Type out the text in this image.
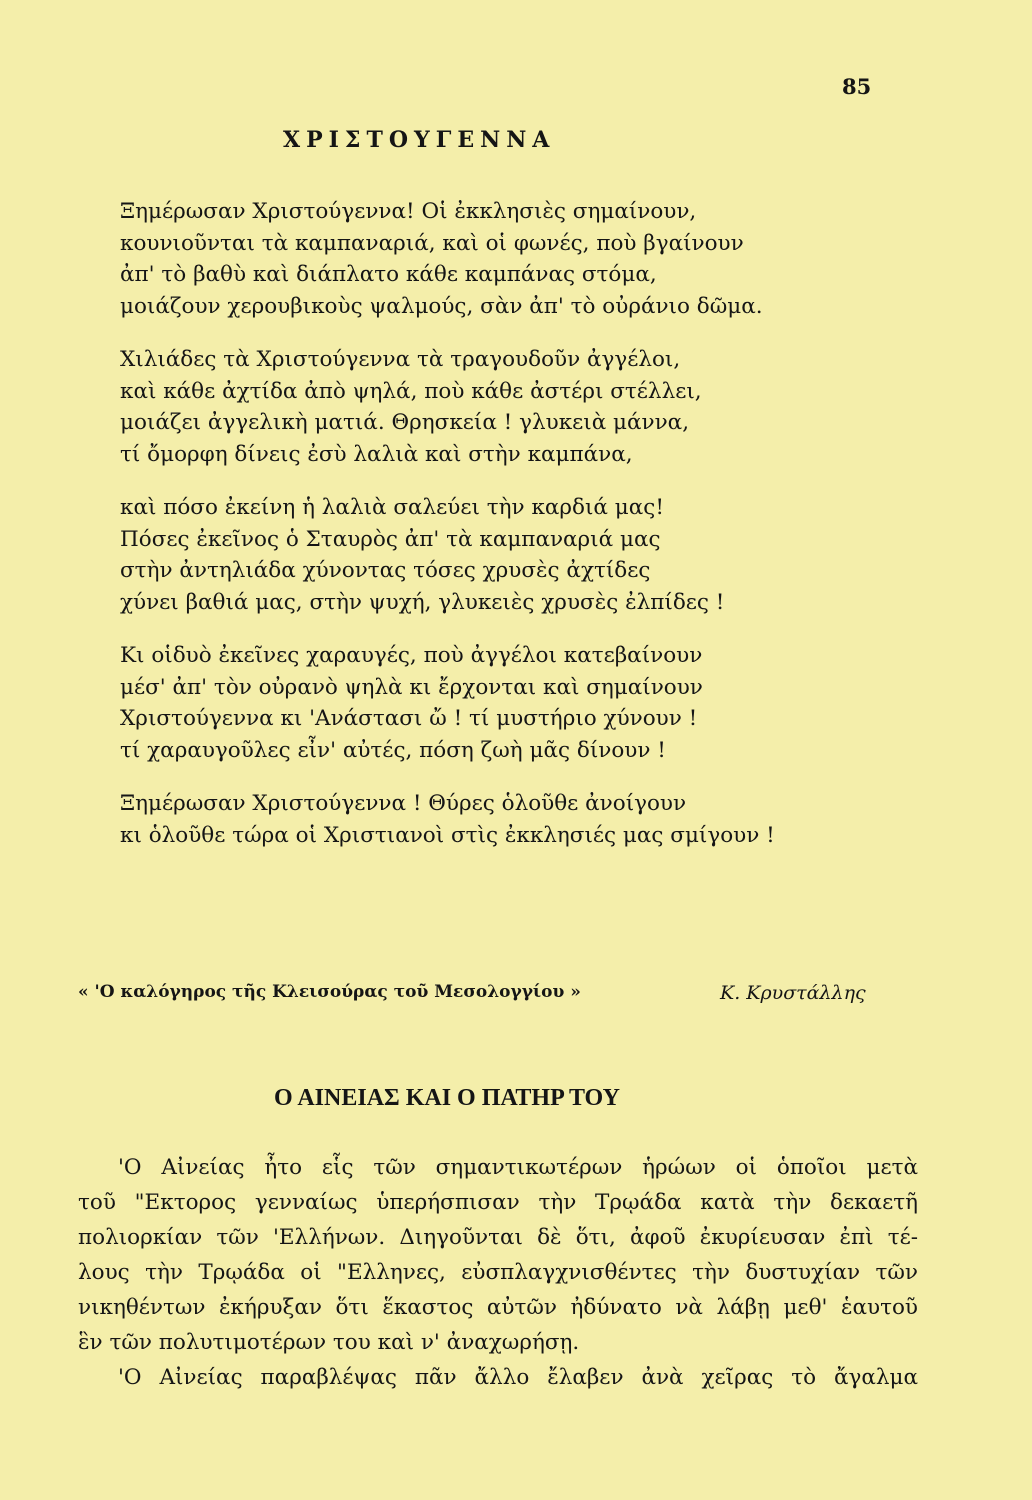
85
ΧΡΙΣΤΟΥΓΕΝΝΑ
Ξημέρωσαν Χριστούγεννα! Οἱ ἐκκλησιὲς σημαίνουν,
κουνιοῦνται τὰ καμπαναριά, καὶ οἱ φωνές, ποὺ βγαίνουν
ἀπ' τὸ βαθὺ καὶ διάπλατο κάθε καμπάνας στόμα,
μοιάζουν χερουβικοὺς ψαλμούς, σὰν ἀπ' τὸ οὐράνιο δῶμα.
Χιλιάδες τὰ Χριστούγεννα τὰ τραγουδοῦν ἀγγέλοι,
καὶ κάθε ἀχτίδα ἀπὸ ψηλά, ποὺ κάθε ἀστέρι στέλλει,
μοιάζει ἀγγελικὴ ματιά. Θρησκεία ! γλυκειὰ μάννα,
τί ὄμορφη δίνεις ἐσὺ λαλιὰ καὶ στὴν καμπάνα,
καὶ πόσο ἐκείνη ἡ λαλιὰ σαλεύει τὴν καρδιά μας!
Πόσες ἐκεῖνος ὁ Σταυρὸς ἀπ' τὰ καμπαναριά μας
στὴν ἀντηλιάδα χύνοντας τόσες χρυσὲς ἀχτίδες
χύνει βαθιά μας, στὴν ψυχή, γλυκειὲς χρυσὲς ἐλπίδες !
Κι οἱδυὸ ἐκεῖνες χαραυγές, ποὺ ἀγγέλοι κατεβαίνουν
μέσ' ἀπ' τὸν οὐρανὸ ψηλὰ κι ἔρχονται καὶ σημαίνουν
Χριστούγεννα κι 'Ανάστασι ὤ ! τί μυστήριο χύνουν !
τί χαραυγοῦλες εἶν' αὐτές, πόση ζωὴ μᾶς δίνουν !
Ξημέρωσαν Χριστούγεννα ! Θύρες ὁλοῦθε ἀνοίγουν
κι ὁλοῦθε τώρα οἱ Χριστιανοὶ στὶς ἐκκλησιές μας σμίγουν !
« 'Ο καλόγηρος τῆς Κλεισούρας τοῦ Μεσολογγίου »	Κ. Κρυστάλλης
Ο ΑΙΝΕΙΑΣ ΚΑΙ Ο ΠΑΤΗΡ ΤΟΥ
'Ο Αἰνείας ἦτο εἷς τῶν σημαντικωτέρων ἡρώων οἱ ὁποῖοι μετὰ
τοῦ "Εκτορος γενναίως ὑπερήσπισαν τὴν Τρῳάδα κατὰ τὴν δεκαετῆ
πολιορκίαν τῶν 'Ελλήνων. Διηγοῦνται δὲ ὅτι, ἀφοῦ ἐκυρίευσαν ἐπὶ τέ-
λους τὴν Τρῳάδα οἱ "Ελληνες, εὐσπλαγχνισθέντες τὴν δυστυχίαν τῶν
νικηθέντων ἐκήρυξαν ὅτι ἕκαστος αὐτῶν ἠδύνατο νὰ λάβῃ μεθ' ἑαυτοῦ
ἓν τῶν πολυτιμοτέρων του καὶ ν' ἀναχωρήσῃ.
'Ο Αἰνείας παραβλέψας πᾶν ἄλλο ἔλαβεν ἀνὰ χεῖρας τὸ ἄγαλμα
